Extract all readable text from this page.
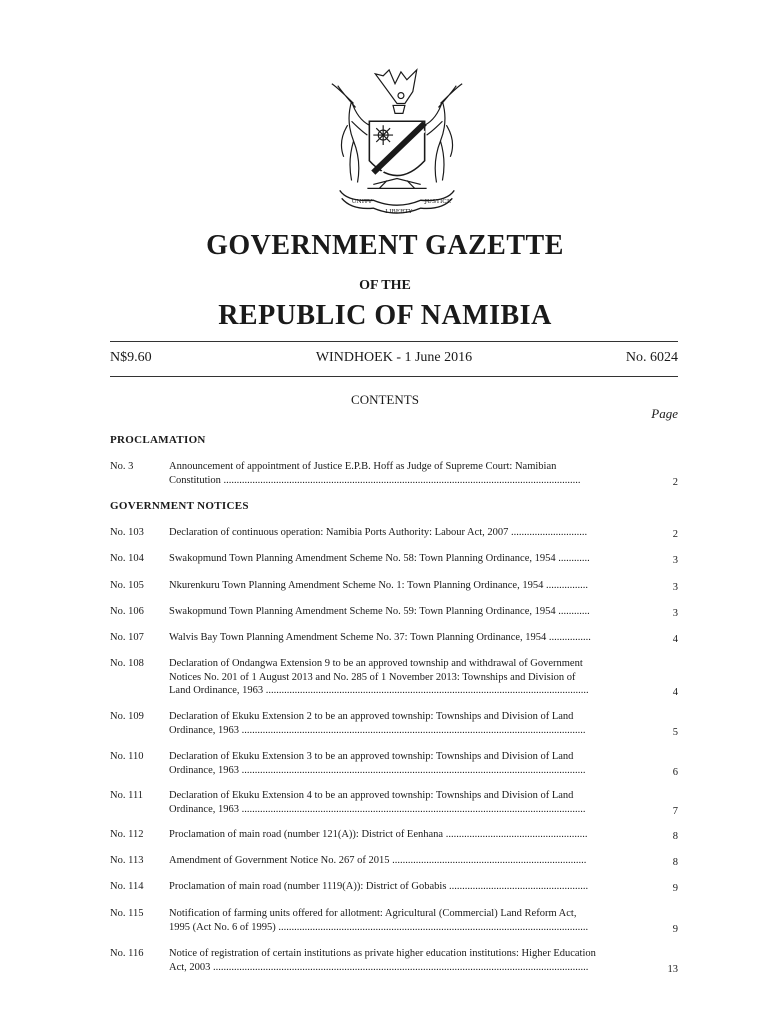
UNITY
LIBERTY
JUSTICE
GOVERNMENT GAZETTE
OF THE
REPUBLIC OF NAMIBIA
N$9.60	WINDHOEK - 1 June 2016	No. 6024
CONTENTS
Page
PROCLAMATION
GOVERNMENT NOTICES
No. 3	Announcement of appointment of Justice E.P.B. Hoff as Judge of Supreme Court: Namibian
Constitution ........................................................................................................................................	2
No. 103 Declaration of continuous operation: Namibia Ports Authority: Labour Act, 2007 .............................	2
No. 104 Swakopmund Town Planning Amendment Scheme No. 58: Town Planning Ordinance, 1954 ............	3
No. 105 Nkurenkuru Town Planning Amendment Scheme No. 1: Town Planning Ordinance, 1954 ................	3
No. 106 Swakopmund Town Planning Amendment Scheme No. 59: Town Planning Ordinance, 1954 ............	3
No. 107 Walvis Bay Town Planning Amendment Scheme No. 37: Town Planning Ordinance, 1954 ................	4
No. 108 Declaration of Ondangwa Extension 9 to be an approved township and withdrawal of Government
Notices No. 201 of 1 August 2013 and No. 285 of 1 November 2013: Townships and Division of
Land Ordinance, 1963 ...........................................................................................................................	4
No. 109 Declaration of Ekuku Extension 2 to be an approved township: Townships and Division of Land
Ordinance, 1963 ...................................................................................................................................	5
No. 110 Declaration of Ekuku Extension 3 to be an approved township: Townships and Division of Land
Ordinance, 1963 ...................................................................................................................................	6
No. 111 Declaration of Ekuku Extension 4 to be an approved township: Townships and Division of Land
Ordinance, 1963 ...................................................................................................................................	7
No. 112 Proclamation of main road (number 121(A)): District of Eenhana ......................................................	8
No. 113 Amendment of Government Notice No. 267 of 2015 ..........................................................................	8
No. 114 Proclamation of main road (number 1119(A)): District of Gobabis .....................................................	9
No. 115 Notification of farming units offered for allotment: Agricultural (Commercial) Land Reform Act,
1995 (Act No. 6 of 1995) ......................................................................................................................	9
No. 116 Notice of registration of certain institutions as private higher education institutions: Higher Education
Act, 2003 ...............................................................................................................................................	13
